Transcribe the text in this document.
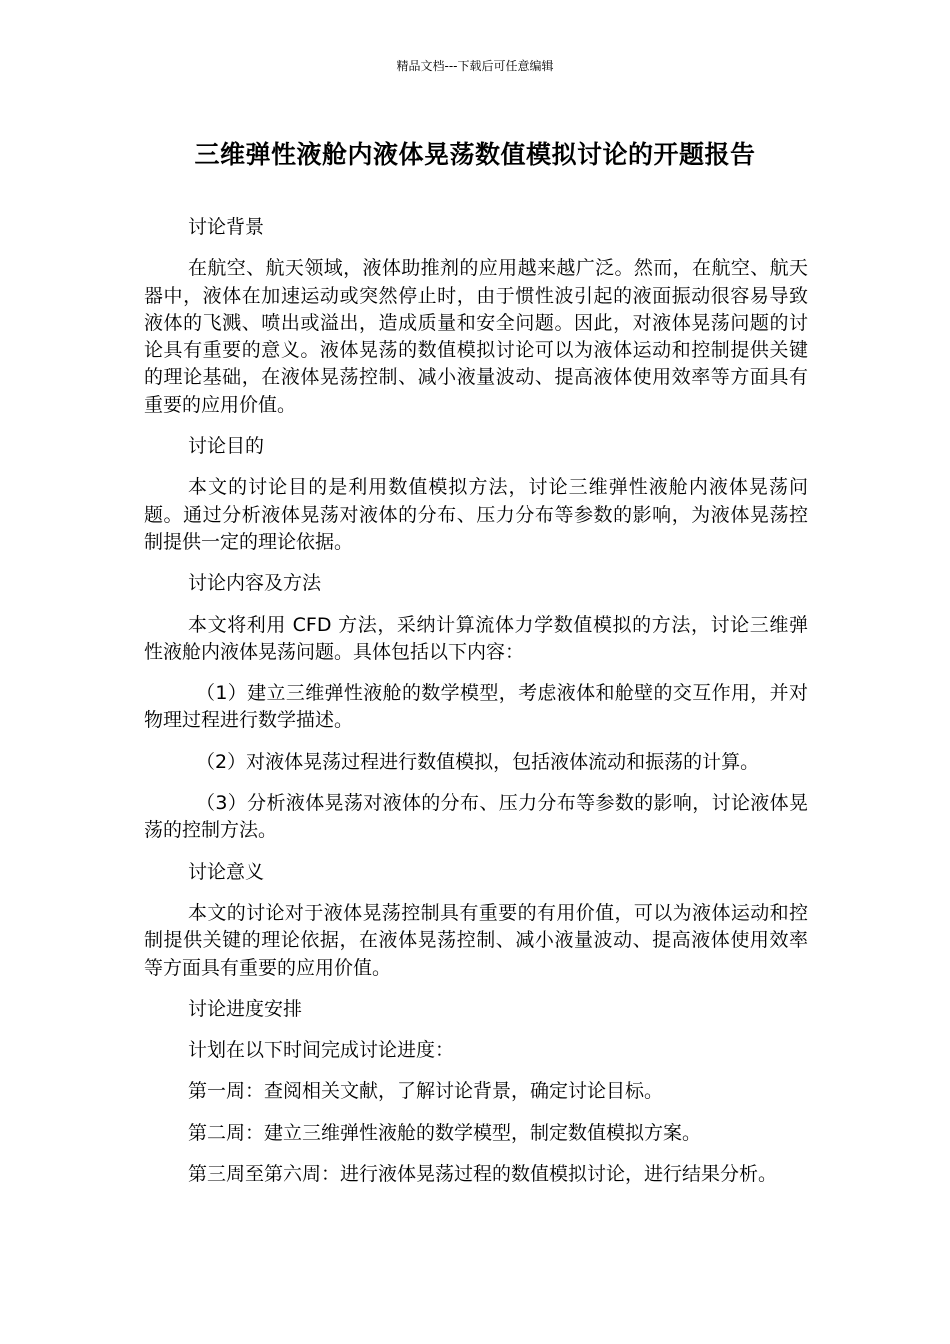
精品文档---下载后可任意编辑
三维弹性液舱内液体晃荡数值模拟讨论的开题报告

讨论背景

在航空、航天领域，液体助推剂的应用越来越广泛。然而，在航空、航天器中，液体在加速运动或突然停止时，由于惯性波引起的液面振动很容易导致液体的飞溅、喷出或溢出，造成质量和安全问题。因此，对液体晃荡问题的讨论具有重要的意义。液体晃荡的数值模拟讨论可以为液体运动和控制提供关键的理论基础，在液体晃荡控制、减小液量波动、提高液体使用效率等方面具有重要的应用价值。

讨论目的

本文的讨论目的是利用数值模拟方法，讨论三维弹性液舱内液体晃荡问题。通过分析液体晃荡对液体的分布、压力分布等参数的影响，为液体晃荡控制提供一定的理论依据。

讨论内容及方法

本文将利用 CFD 方法，采纳计算流体力学数值模拟的方法，讨论三维弹性液舱内液体晃荡问题。具体包括以下内容：

（1）建立三维弹性液舱的数学模型，考虑液体和舱壁的交互作用，并对物理过程进行数学描述。

（2）对液体晃荡过程进行数值模拟，包括液体流动和振荡的计算。

（3）分析液体晃荡对液体的分布、压力分布等参数的影响，讨论液体晃荡的控制方法。

讨论意义

本文的讨论对于液体晃荡控制具有重要的有用价值，可以为液体运动和控制提供关键的理论依据，在液体晃荡控制、减小液量波动、提高液体使用效率等方面具有重要的应用价值。

讨论进度安排

计划在以下时间完成讨论进度：

第一周：查阅相关文献，了解讨论背景，确定讨论目标。

第二周：建立三维弹性液舱的数学模型，制定数值模拟方案。

第三周至第六周：进行液体晃荡过程的数值模拟讨论，进行结果分析。
